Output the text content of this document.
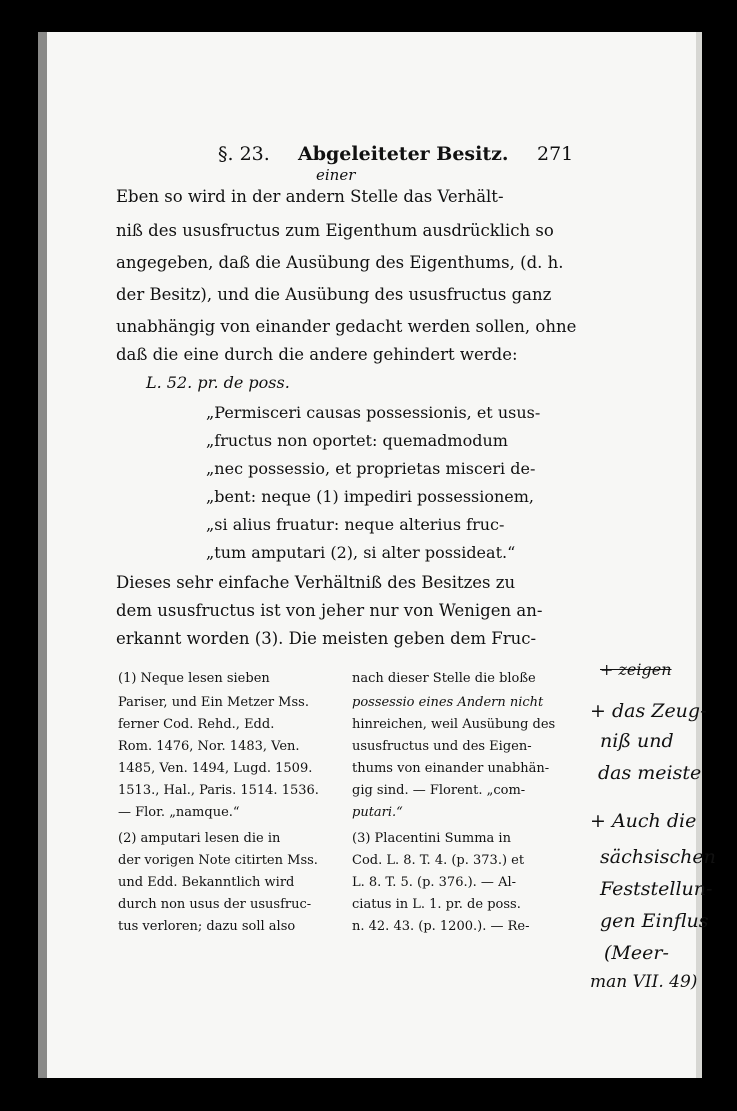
§. 23. Abgeleiteter Besitz. 271
einer
Eben so wird in der andern Stelle das Verhält-
niß des ususfructus zum Eigenthum ausdrücklich so
angegeben, daß die Ausübung des Eigenthums, (d. h.
der Besitz), und die Ausübung des ususfructus ganz
unabhängig von einander gedacht werden sollen, ohne
daß die eine durch die andere gehindert werde:
L. 52. pr. de poss.
„Permisceri causas possessionis, et usus-
„fructus non oportet: quemadmodum
„nec possessio, et proprietas misceri de-
„bent: neque (1) impediri possessionem,
„si alius fruatur: neque alterius fruc-
„tum amputari (2), si alter possideat.“
Dieses sehr einfache Verhältniß des Besitzes zu
dem ususfructus ist von jeher nur von Wenigen an-
erkannt worden (3). Die meisten geben dem Fruc-
(1) Neque lesen sieben
Pariser, und Ein Metzer Mss.
ferner Cod. Rehd., Edd.
Rom. 1476, Nor. 1483, Ven.
1485, Ven. 1494, Lugd. 1509.
1513., Hal., Paris. 1514. 1536.
— Flor. „namque.“
(2) amputari lesen die in
der vorigen Note citirten Mss.
und Edd. Bekanntlich wird
durch non usus der ususfruc-
tus verloren; dazu soll also
nach dieser Stelle die bloße
possessio eines Andern nicht
hinreichen, weil Ausübung des
ususfructus und des Eigen-
thums von einander unabhän-
gig sind. — Florent. „com-
putari.“
(3) Placentini Summa in
Cod. L. 8. T. 4. (p. 373.) et
L. 8. T. 5. (p. 376.). — Al-
ciatus in L. 1. pr. de poss.
n. 42. 43. (p. 1200.). — Re-
+ zeigen
+ das Zeug-
niß und
das meiste
+ Auch die
sächsischen
Feststellun-
gen Einflus
(Meer-
man VII. 49)
